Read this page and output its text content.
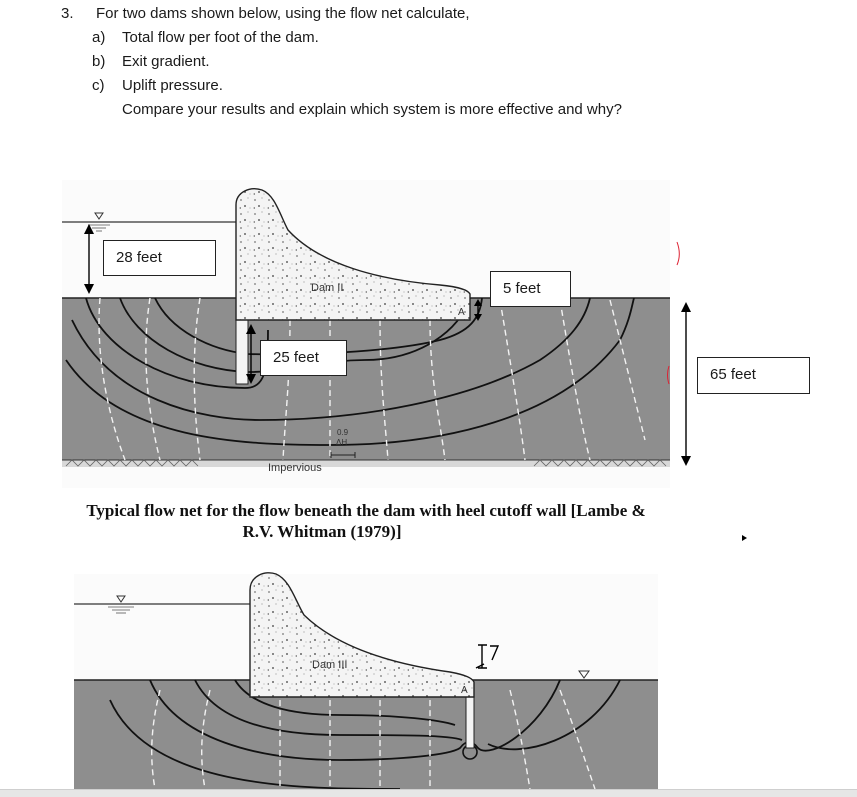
3. For two dams shown below, using the flow net calculate,
a) Total flow per foot of the dam.
b) Exit gradient.
c) Uplift pressure.
Compare your results and explain which system is more effective and why?
Dam II
A
Impervious
0.9
ΔH
28 feet
25 feet
5 feet
65 feet
Typical flow net for the flow beneath the dam with heel cutoff wall [Lambe &
R.V. Whitman (1979)]
Dam III
A
